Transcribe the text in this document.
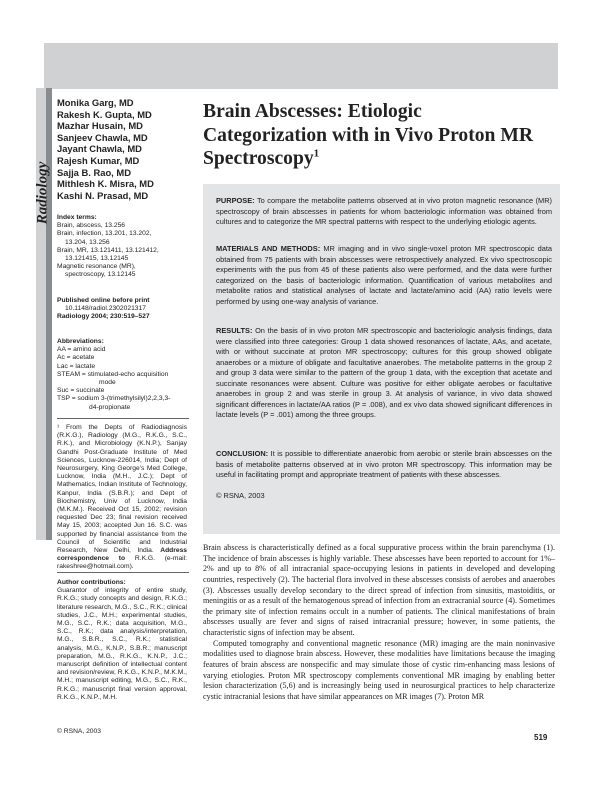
Radiology
Monika Garg, MD
Rakesh K. Gupta, MD
Mazhar Husain, MD
Sanjeev Chawla, MD
Jayant Chawla, MD
Rajesh Kumar, MD
Sajja B. Rao, MD
Mithlesh K. Misra, MD
Kashi N. Prasad, MD
Index terms:
Brain, abscess, 13.256
Brain, infection, 13.201, 13.202,
13.204, 13.256
Brain, MR, 13.121411, 13.121412,
13.121415, 13.12145
Magnetic resonance (MR),
spectroscopy, 13.12145
Published online before print
10.1148/radiol.2302021317
Radiology 2004; 230:519–527
Abbreviations:
AA = amino acid
Ac = acetate
Lac = lactate
STEAM = stimulated-echo acquisition
mode
Suc = succinate
TSP = sodium 3-(trimethylsilyl)2,2,3,3-
d4-propionate
¹ From the Depts of Radiodiagnosis (R.K.G.), Radiology (M.G., R.K.G., S.C., R.K.), and Microbiology (K.N.P.), Sanjay Gandhi Post-Graduate Institute of Med Sciences, Lucknow-226014, India; Dept of Neurosurgery, King George's Med College, Lucknow, India (M.H., J.C.); Dept of Mathematics, Indian Institute of Technology, Kanpur, India (S.B.R.); and Dept of Biochemistry, Univ of Lucknow, India (M.K.M.). Received Oct 15, 2002; revision requested Dec 23; final revision received May 15, 2003; accepted Jun 16. S.C. was supported by financial assistance from the Council of Scientific and Industrial Research, New Delhi, India. Address correspondence to R.K.G. (e-mail: rakeshree@hotmail.com).
Author contributions:
Guarantor of integrity of entire study, R.K.G.; study concepts and design, R.K.G.; literature research, M.G., S.C., R.K.; clinical studies, J.C., M.H.; experimental studies, M.G., S.C., R.K.; data acquisition, M.G., S.C., R.K.; data analysis/interpretation, M.G., S.B.R., S.C., R.K.; statistical analysis, M.G., K.N.P., S.B.R.; manuscript preparation, M.G., R.K.G., K.N.P., J.C.; manuscript definition of intellectual content and revision/review, R.K.G., K.N.P., M.K.M., M.H.; manuscript editing, M.G., S.C., R.K., R.K.G.; manuscript final version approval, R.K.G., K.N.P., M.H.
© RSNA, 2003
Brain Abscesses: Etiologic Categorization with in Vivo Proton MR Spectroscopy$^1$

PURPOSE: To compare the metabolite patterns observed at in vivo proton magnetic resonance (MR) spectroscopy of brain abscesses in patients for whom bacteriologic information was obtained from cultures and to categorize the MR spectral patterns with respect to the underlying etiologic agents.

MATERIALS AND METHODS: MR imaging and in vivo single-voxel proton MR spectroscopic data obtained from 75 patients with brain abscesses were retrospectively analyzed. Ex vivo spectroscopic experiments with the pus from 45 of these patients also were performed, and the data were further categorized on the basis of bacteriologic information. Quantification of various metabolites and metabolite ratios and statistical analyses of lactate and lactate/amino acid (AA) ratio levels were performed by using one-way analysis of variance.

RESULTS: On the basis of in vivo proton MR spectroscopic and bacteriologic analysis findings, data were classified into three categories: Group 1 data showed resonances of lactate, AAs, and acetate, with or without succinate at proton MR spectroscopy; cultures for this group showed obligate anaerobes or a mixture of obligate and facultative anaerobes. The metabolite patterns in the group 2 and group 3 data were similar to the pattern of the group 1 data, with the exception that acetate and succinate resonances were absent. Culture was positive for either obligate aerobes or facultative anaerobes in group 2 and was sterile in group 3. At analysis of variance, in vivo data showed significant differences in lactate/AA ratios (P = .008), and ex vivo data showed significant differences in lactate levels (P = .001) among the three groups.

CONCLUSION: It is possible to differentiate anaerobic from aerobic or sterile brain abscesses on the basis of metabolite patterns observed at in vivo proton MR spectroscopy. This information may be useful in facilitating prompt and appropriate treatment of patients with these abscesses.

© RSNA, 2003

Brain abscess is characteristically defined as a focal suppurative process within the brain parenchyma (1). The incidence of brain abscesses is highly variable. These abscesses have been reported to account for 1%–2% and up to 8% of all intracranial space-occupying lesions in patients in developed and developing countries, respectively (2). The bacterial flora involved in these abscesses consists of aerobes and anaerobes (3). Abscesses usually develop secondary to the direct spread of infection from sinusitis, mastoiditis, or meningitis or as a result of the hematogenous spread of infection from an extracranial source (4). Sometimes the primary site of infection remains occult in a number of patients. The clinical manifestations of brain abscesses usually are fever and signs of raised intracranial pressure; however, in some patients, the characteristic signs of infection may be absent.

Computed tomography and conventional magnetic resonance (MR) imaging are the main noninvasive modalities used to diagnose brain abscess. However, these modalities have limitations because the imaging features of brain abscess are nonspecific and may simulate those of cystic rim-enhancing mass lesions of varying etiologies. Proton MR spectroscopy complements conventional MR imaging by enabling better lesion characterization (5,6) and is increasingly being used in neurosurgical practices to help characterize cystic intracranial lesions that have similar appearances on MR images (7). Proton MR

519
